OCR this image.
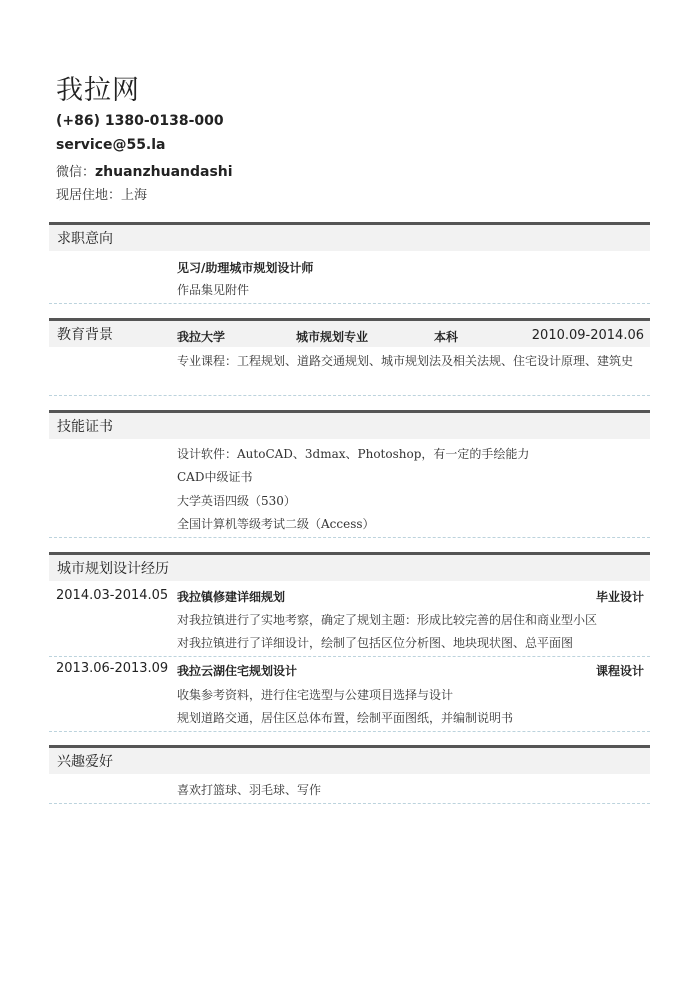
我拉网
(+86) 1380-0138-000
service@55.la
微信：zhuanzhuandashi
现居住地：上海
求职意向
见习/助理城市规划设计师
作品集见附件
教育背景	我拉大学	城市规划专业	本科	2010.09-2014.06
专业课程：工程规划、道路交通规划、城市规划法及相关法规、住宅设计原理、建筑史
技能证书
设计软件：AutoCAD、3dmax、Photoshop，有一定的手绘能力
CAD中级证书
大学英语四级（530）
全国计算机等级考试二级（Access）
城市规划设计经历
2014.03-2014.05 我拉镇修建详细规划	毕业设计
对我拉镇进行了实地考察，确定了规划主题：形成比较完善的居住和商业型小区
对我拉镇进行了详细设计，绘制了包括区位分析图、地块现状图、总平面图
2013.06-2013.09 我拉云湖住宅规划设计	课程设计
收集参考资料，进行住宅选型与公建项目选择与设计
规划道路交通，居住区总体布置，绘制平面图纸，并编制说明书
兴趣爱好
喜欢打篮球、羽毛球、写作
